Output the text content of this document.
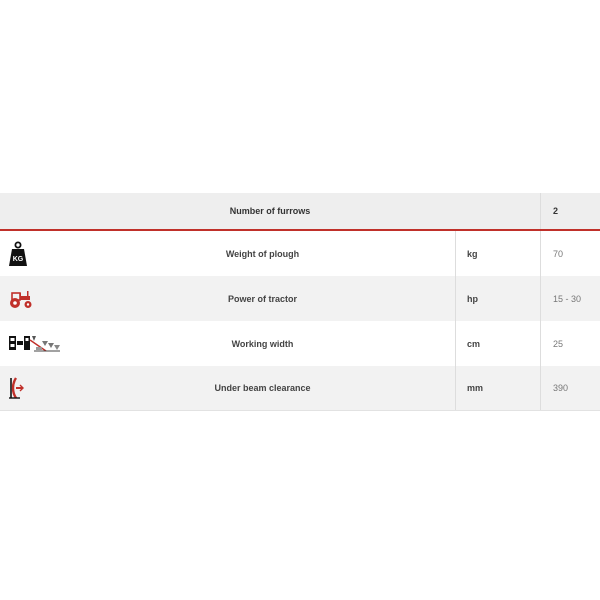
Number of furrows	2
KG
Weight of plough	kg	70
Power of tractor	hp	15 - 30
Working width	cm	25
Under beam clearance	mm	390
